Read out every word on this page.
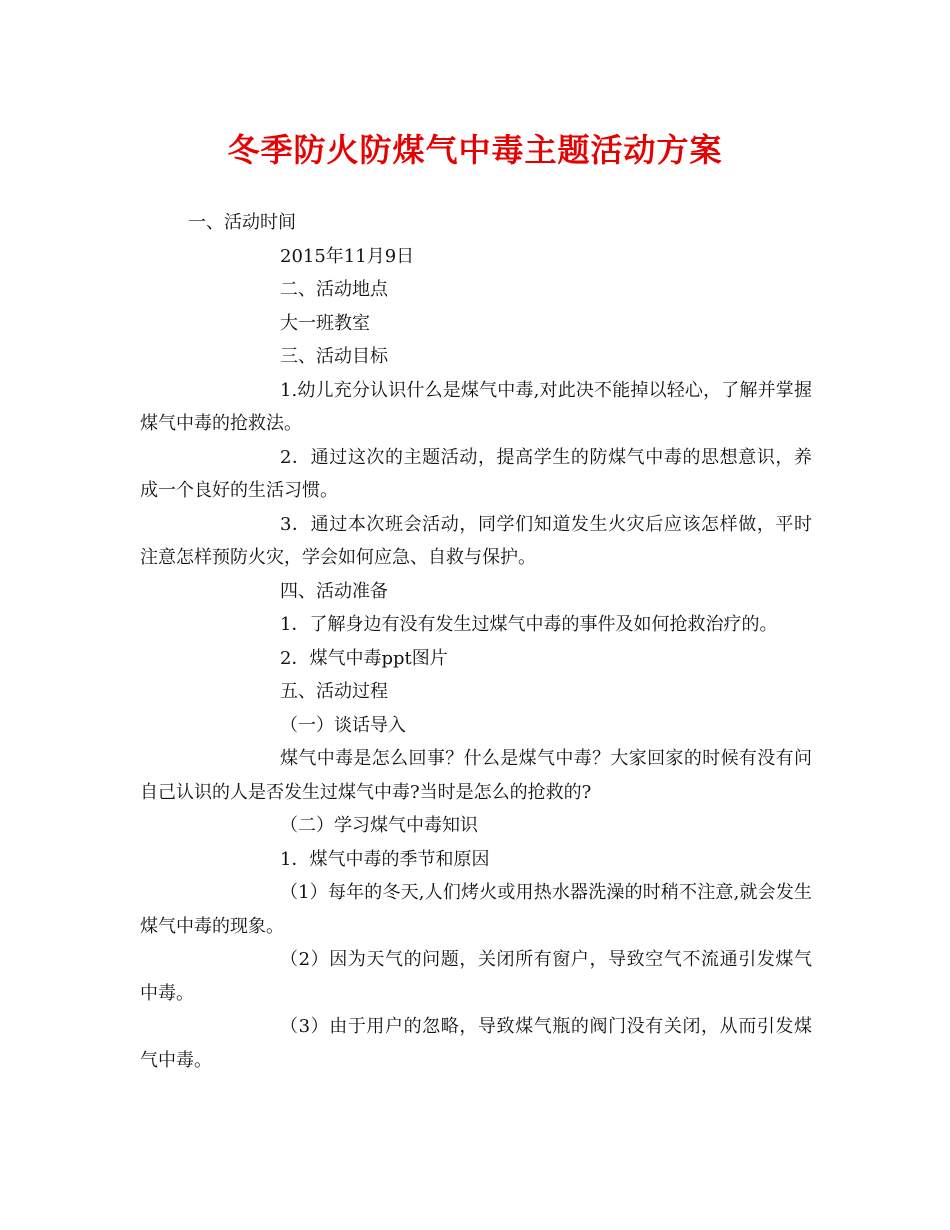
冬季防火防煤气中毒主题活动方案

一、活动时间

2015年11月9日

二、活动地点

大一班教室

三、活动目标

1.幼儿充分认识什么是煤气中毒,对此决不能掉以轻心，了解并掌握煤气中毒的抢救法。

2．通过这次的主题活动，提高学生的防煤气中毒的思想意识，养成一个良好的生活习惯。

3．通过本次班会活动，同学们知道发生火灾后应该怎样做，平时注意怎样预防火灾，学会如何应急、自救与保护。

四、活动准备

1．了解身边有没有发生过煤气中毒的事件及如何抢救治疗的。

2．煤气中毒ppt图片

五、活动过程

（一）谈话导入

煤气中毒是怎么回事？什么是煤气中毒？大家回家的时候有没有问自己认识的人是否发生过煤气中毒?当时是怎么的抢救的?

（二）学习煤气中毒知识

1．煤气中毒的季节和原因

（1）每年的冬天,人们烤火或用热水器洗澡的时稍不注意,就会发生煤气中毒的现象。

（2）因为天气的问题，关闭所有窗户，导致空气不流通引发煤气中毒。

（3）由于用户的忽略，导致煤气瓶的阀门没有关闭，从而引发煤气中毒。
